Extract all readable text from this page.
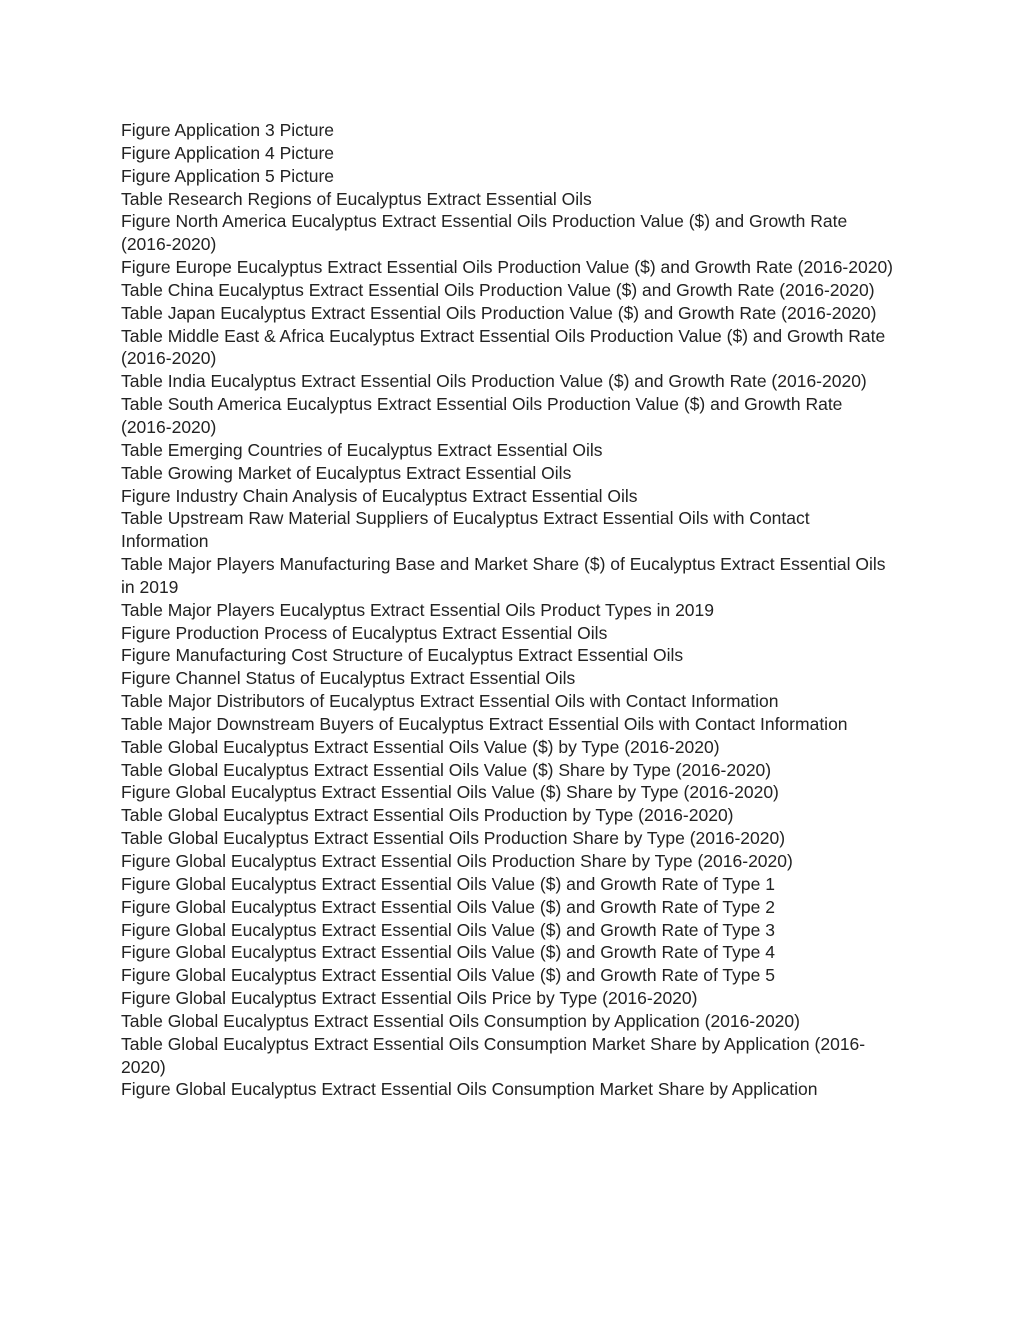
Figure Application 3 Picture
Figure Application 4 Picture
Figure Application 5 Picture
Table Research Regions of Eucalyptus Extract Essential Oils
Figure North America Eucalyptus Extract Essential Oils Production Value ($) and Growth Rate (2016-2020)
Figure Europe Eucalyptus Extract Essential Oils Production Value ($) and Growth Rate (2016-2020)
Table China Eucalyptus Extract Essential Oils Production Value ($) and Growth Rate (2016-2020)
Table Japan Eucalyptus Extract Essential Oils Production Value ($) and Growth Rate (2016-2020)
Table Middle East & Africa Eucalyptus Extract Essential Oils Production Value ($) and Growth Rate (2016-2020)
Table India Eucalyptus Extract Essential Oils Production Value ($) and Growth Rate (2016-2020)
Table South America Eucalyptus Extract Essential Oils Production Value ($) and Growth Rate (2016-2020)
Table Emerging Countries of Eucalyptus Extract Essential Oils
Table Growing Market of Eucalyptus Extract Essential Oils
Figure Industry Chain Analysis of Eucalyptus Extract Essential Oils
Table Upstream Raw Material Suppliers of Eucalyptus Extract Essential Oils with Contact Information
Table Major Players Manufacturing Base and Market Share ($) of Eucalyptus Extract Essential Oils in 2019
Table Major Players Eucalyptus Extract Essential Oils Product Types in 2019
Figure Production Process of Eucalyptus Extract Essential Oils
Figure Manufacturing Cost Structure of Eucalyptus Extract Essential Oils
Figure Channel Status of Eucalyptus Extract Essential Oils
Table Major Distributors of Eucalyptus Extract Essential Oils with Contact Information
Table Major Downstream Buyers of Eucalyptus Extract Essential Oils with Contact Information
Table Global Eucalyptus Extract Essential Oils Value ($) by Type (2016-2020)
Table Global Eucalyptus Extract Essential Oils Value ($) Share by Type (2016-2020)
Figure Global Eucalyptus Extract Essential Oils Value ($) Share by Type (2016-2020)
Table Global Eucalyptus Extract Essential Oils Production by Type (2016-2020)
Table Global Eucalyptus Extract Essential Oils Production Share by Type (2016-2020)
Figure Global Eucalyptus Extract Essential Oils Production Share by Type (2016-2020)
Figure Global Eucalyptus Extract Essential Oils Value ($) and Growth Rate of Type 1
Figure Global Eucalyptus Extract Essential Oils Value ($) and Growth Rate of Type 2
Figure Global Eucalyptus Extract Essential Oils Value ($) and Growth Rate of Type 3
Figure Global Eucalyptus Extract Essential Oils Value ($) and Growth Rate of Type 4
Figure Global Eucalyptus Extract Essential Oils Value ($) and Growth Rate of Type 5
Figure Global Eucalyptus Extract Essential Oils Price by Type (2016-2020)
Table Global Eucalyptus Extract Essential Oils Consumption by Application (2016-2020)
Table Global Eucalyptus Extract Essential Oils Consumption Market Share by Application (2016-2020)
Figure Global Eucalyptus Extract Essential Oils Consumption Market Share by Application
